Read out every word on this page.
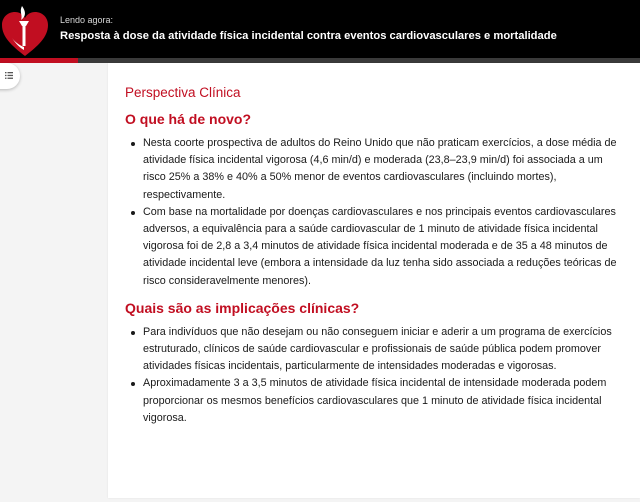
Lendo agora:
Resposta à dose da atividade física incidental contra eventos cardiovasculares e mortalidade
Perspectiva Clínica
O que há de novo?
Nesta coorte prospectiva de adultos do Reino Unido que não praticam exercícios, a dose média de atividade física incidental vigorosa (4,6 min/d) e moderada (23,8–23,9 min/d) foi associada a um risco 25% a 38% e 40% a 50% menor de eventos cardiovasculares (incluindo mortes), respectivamente.
Com base na mortalidade por doenças cardiovasculares e nos principais eventos cardiovasculares adversos, a equivalência para a saúde cardiovascular de 1 minuto de atividade física incidental vigorosa foi de 2,8 a 3,4 minutos de atividade física incidental moderada e de 35 a 48 minutos de atividade incidental leve (embora a intensidade da luz tenha sido associada a reduções teóricas de risco consideravelmente menores).
Quais são as implicações clínicas?
Para indivíduos que não desejam ou não conseguem iniciar e aderir a um programa de exercícios estruturado, clínicos de saúde cardiovascular e profissionais de saúde pública podem promover atividades físicas incidentais, particularmente de intensidades moderadas e vigorosas.
Aproximadamente 3 a 3,5 minutos de atividade física incidental de intensidade moderada podem proporcionar os mesmos benefícios cardiovasculares que 1 minuto de atividade física incidental vigorosa.
